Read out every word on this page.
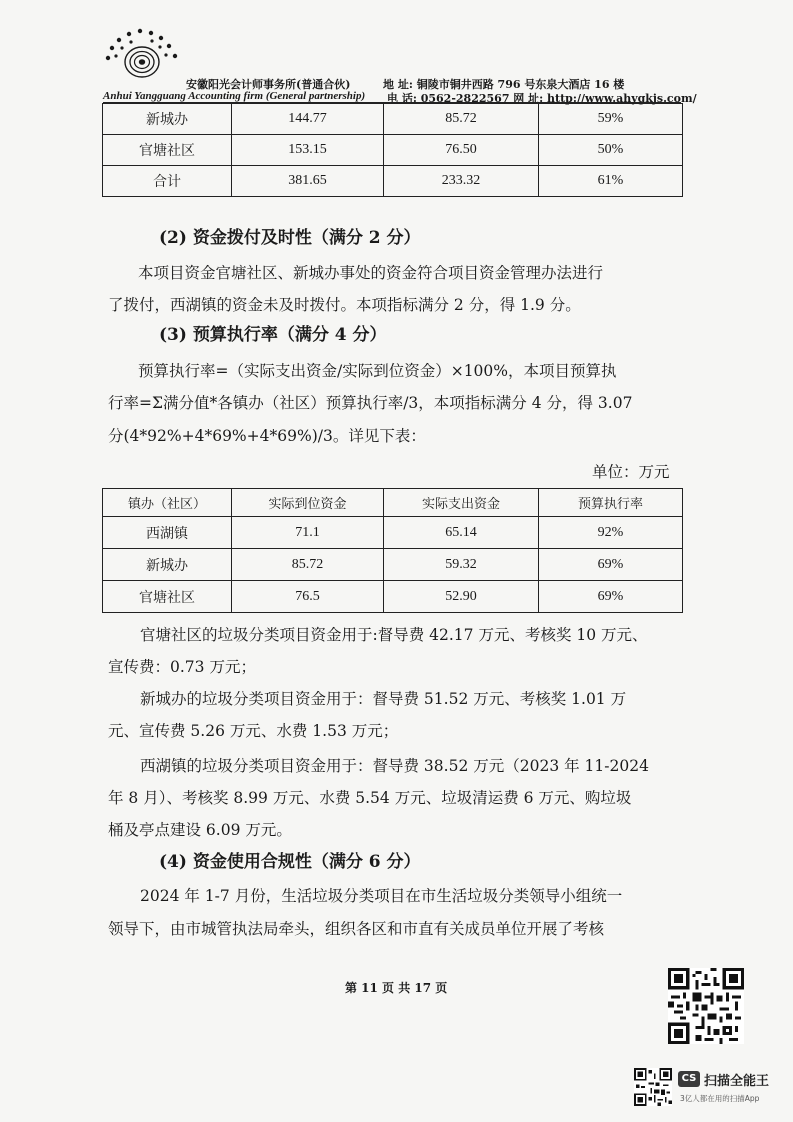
安徽阳光会计师事务所(普通合伙)
Anhui Yangguang Accounting firm (General partnership)
地 址: 铜陵市铜井西路 796 号东泉大酒店 16 楼
电 话: 0562-2822567 网 址: http://www.ahygkjs.com/
新城办	144.77	85.72	59%
官塘社区	153.15	76.50	50%
合计	381.65	233.32	61%
(2) 资金拨付及时性（满分 2 分）
本项目资金官塘社区、新城办事处的资金符合项目资金管理办法进行
了拨付，西湖镇的资金未及时拨付。本项指标满分 2 分，得 1.9 分。
(3) 预算执行率（满分 4 分）
预算执行率=（实际支出资金/实际到位资金）×100%，本项目预算执
行率=Σ满分值*各镇办（社区）预算执行率/3，本项指标满分 4 分，得 3.07
分(4*92%+4*69%+4*69%)/3。详见下表：
单位：万元
镇办（社区）	实际到位资金	实际支出资金	预算执行率
西湖镇	71.1	65.14	92%
新城办	85.72	59.32	69%
官塘社区	76.5	52.90	69%
官塘社区的垃圾分类项目资金用于:督导费 42.17 万元、考核奖 10 万元、
宣传费：0.73 万元；
新城办的垃圾分类项目资金用于：督导费 51.52 万元、考核奖 1.01 万
元、宣传费 5.26 万元、水费 1.53 万元；
西湖镇的垃圾分类项目资金用于：督导费 38.52 万元（2023 年 11-2024
年 8 月）、考核奖 8.99 万元、水费 5.54 万元、垃圾清运费 6 万元、购垃圾
桶及亭点建设 6.09 万元。
(4) 资金使用合规性（满分 6 分）
2024 年 1-7 月份，生活垃圾分类项目在市生活垃圾分类领导小组统一
领导下，由市城管执法局牵头，组织各区和市直有关成员单位开展了考核
第 11 页 共 17 页
CS 扫描全能王
3亿人都在用的扫描App
